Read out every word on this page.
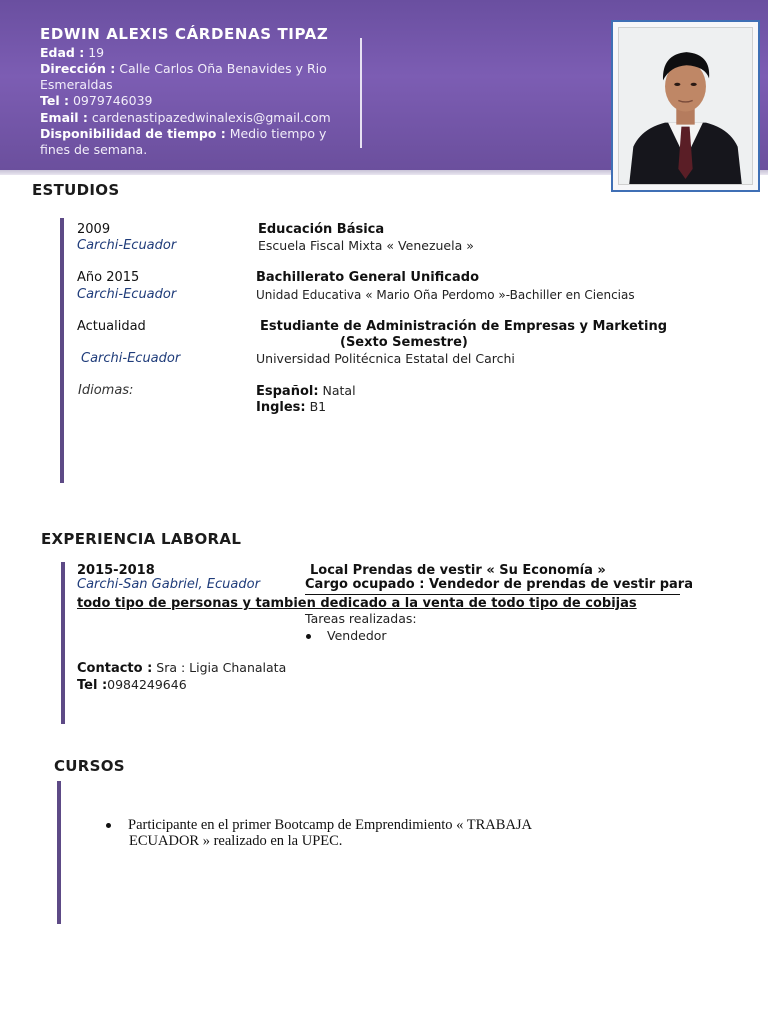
EDWIN ALEXIS CÁRDENAS TIPAZ
Edad : 19
Dirección : Calle Carlos Oña Benavides y Rio Esmeraldas
Tel : 0979746039
Email : cardenastipazedwinalexis@gmail.com
Disponibilidad de tiempo : Medio tiempo y fines de semana.
ESTUDIOS
2009	Educación Básica
Carchi-Ecuador	Escuela Fiscal Mixta « Venezuela »
Año 2015	Bachillerato General Unificado
Carchi-Ecuador	Unidad Educativa « Mario Oña Perdomo »-Bachiller en Ciencias
Actualidad	Estudiante de Administración de Empresas y Marketing
(Sexto Semestre)
Carchi-Ecuador	Universidad Politécnica Estatal del Carchi
Idiomas:	Español: Natal
Ingles: B1
EXPERIENCIA LABORAL
2015-2018	Local Prendas de vestir « Su Economía »
Carchi-San Gabriel, Ecuador	Cargo ocupado : Vendedor de prendas de vestir para
todo tipo de personas y tambien dedicado a la venta de todo tipo de cobijas
Tareas realizadas:
Vendedor
Contacto : Sra : Ligia Chanalata
Tel :0984249646
CURSOS
Participante en el primer Bootcamp de Emprendimiento « TRABAJA
ECUADOR » realizado en la UPEC.
